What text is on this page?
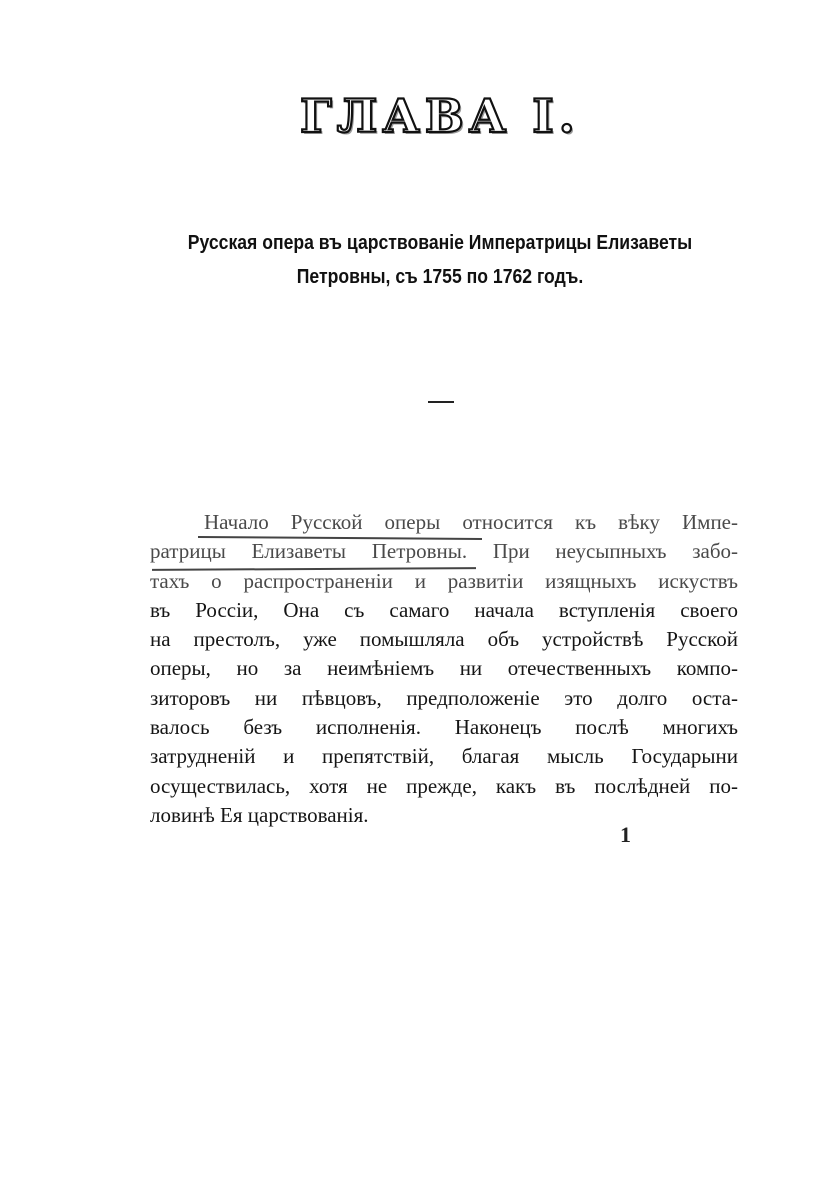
ГЛАВА I.
Русская опера въ царствованіе Императрицы Елизаветы
Петровны, съ 1755 по 1762 годъ.
Начало Русской оперы относится къ вѣку Импе-
ратрицы Елизаветы Петровны. При неусыпныхъ забо-
тахъ о распространеніи и развитіи изящныхъ искуствъ
въ Россіи, Она съ самаго начала вступленія своего
на престолъ, уже помышляла объ устройствѣ Русской
оперы, но за неимѣніемъ ни отечественныхъ компо-
зиторовъ ни пѣвцовъ, предположеніе это долго оста-
валось безъ исполненія. Наконецъ послѣ многихъ
затрудненій и препятствій, благая мысль Государыни
осуществилась, хотя не прежде, какъ въ послѣдней по-
ловинѣ Ея царствованія.
1
